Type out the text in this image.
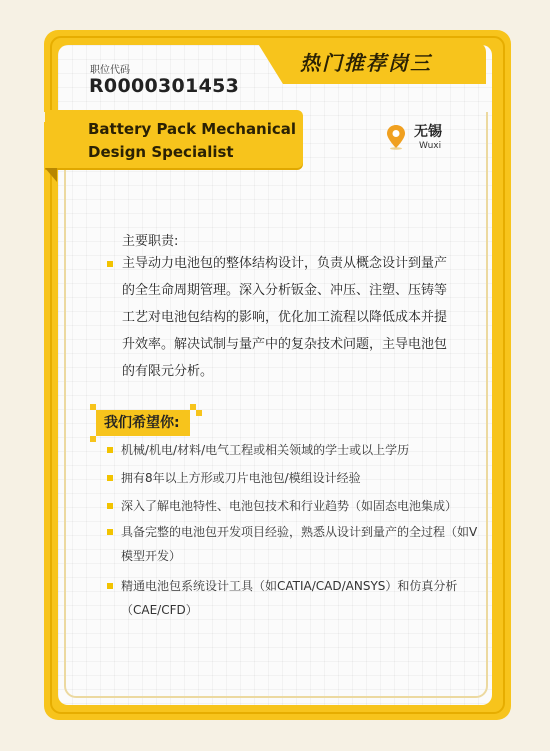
热门推荐岗三
职位代码
R0000301453
Battery Pack Mechanical Design Specialist
无锡
Wuxi
主要职责:
主导动力电池包的整体结构设计，负责从概念设计到量产的全生命周期管理。深入分析钣金、冲压、注塑、压铸等工艺对电池包结构的影响，优化加工流程以降低成本并提升效率。解决试制与量产中的复杂技术问题，主导电池包的有限元分析。
我们希望你:
机械/机电/材料/电气工程或相关领域的学士或以上学历
拥有8年以上方形或刀片电池包/模组设计经验
深入了解电池特性、电池包技术和行业趋势（如固态电池集成）
具备完整的电池包开发项目经验，熟悉从设计到量产的全过程（如V模型开发）
精通电池包系统设计工具（如CATIA/CAD/ANSYS）和仿真分析（CAE/CFD）
